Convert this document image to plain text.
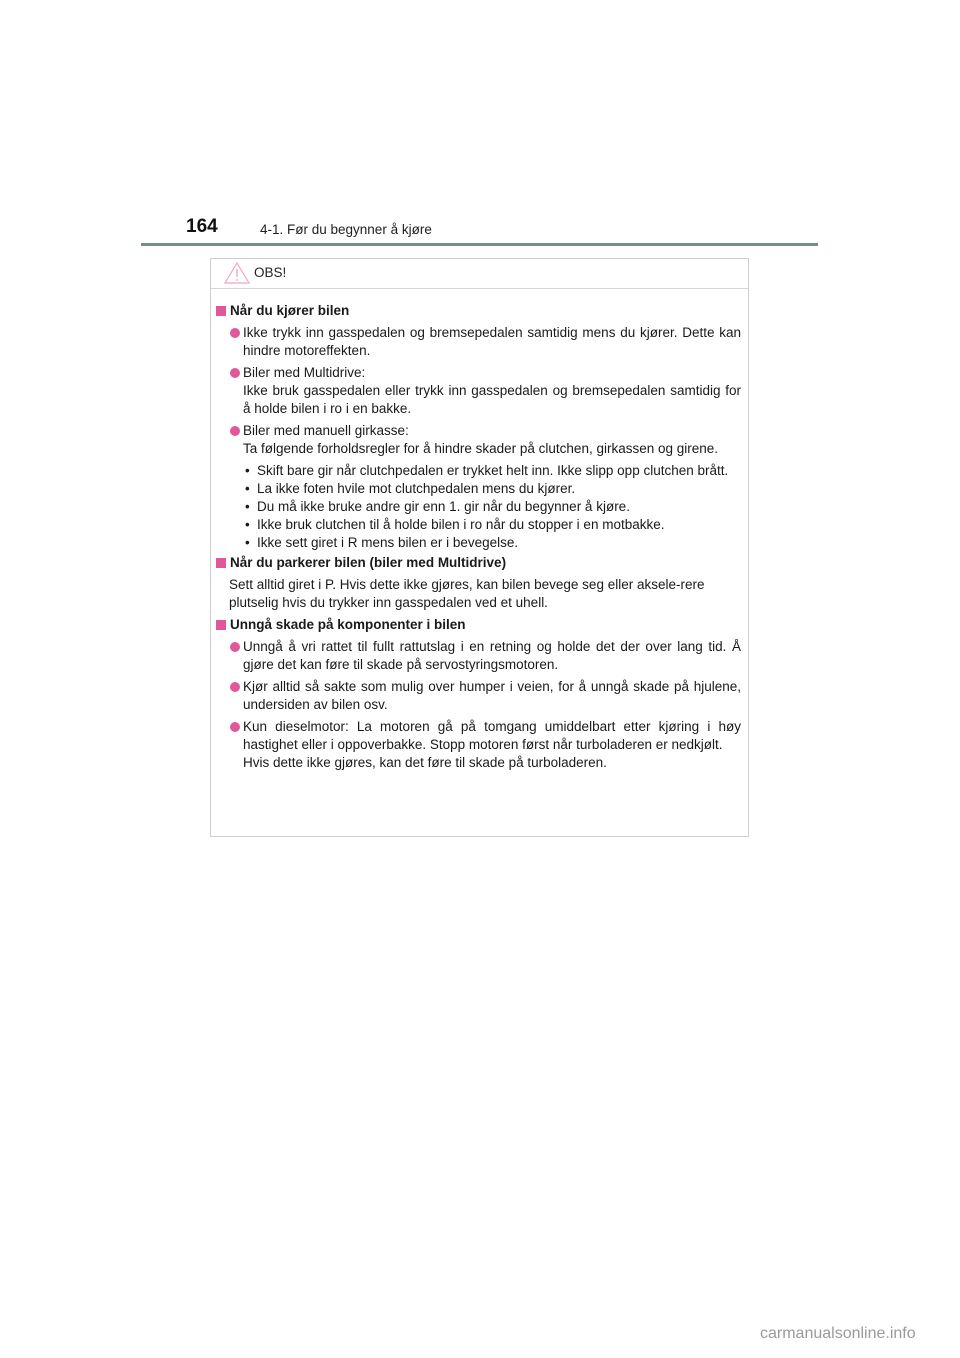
164	4-1. Før du begynner å kjøre
OBS!
Når du kjører bilen
Ikke trykk inn gasspedalen og bremsepedalen samtidig mens du kjører. Dette kan hindre motoreffekten.
Biler med Multidrive:
Ikke bruk gasspedalen eller trykk inn gasspedalen og bremsepedalen samtidig for å holde bilen i ro i en bakke.
Biler med manuell girkasse:
Ta følgende forholdsregler for å hindre skader på clutchen, girkassen og girene.
• Skift bare gir når clutchpedalen er trykket helt inn. Ikke slipp opp clutchen brått.
• La ikke foten hvile mot clutchpedalen mens du kjører.
• Du må ikke bruke andre gir enn 1. gir når du begynner å kjøre.
• Ikke bruk clutchen til å holde bilen i ro når du stopper i en motbakke.
• Ikke sett giret i R mens bilen er i bevegelse.
Når du parkerer bilen (biler med Multidrive)
Sett alltid giret i P. Hvis dette ikke gjøres, kan bilen bevege seg eller aksele-rere plutselig hvis du trykker inn gasspedalen ved et uhell.
Unngå skade på komponenter i bilen
Unngå å vri rattet til fullt rattutslag i en retning og holde det der over lang tid. Å gjøre det kan føre til skade på servostyringsmotoren.
Kjør alltid så sakte som mulig over humper i veien, for å unngå skade på hjulene, undersiden av bilen osv.
Kun dieselmotor: La motoren gå på tomgang umiddelbart etter kjøring i høy hastighet eller i oppoverbakke. Stopp motoren først når turboladeren er nedkjølt.
Hvis dette ikke gjøres, kan det føre til skade på turboladeren.
carmanualsonline.info
